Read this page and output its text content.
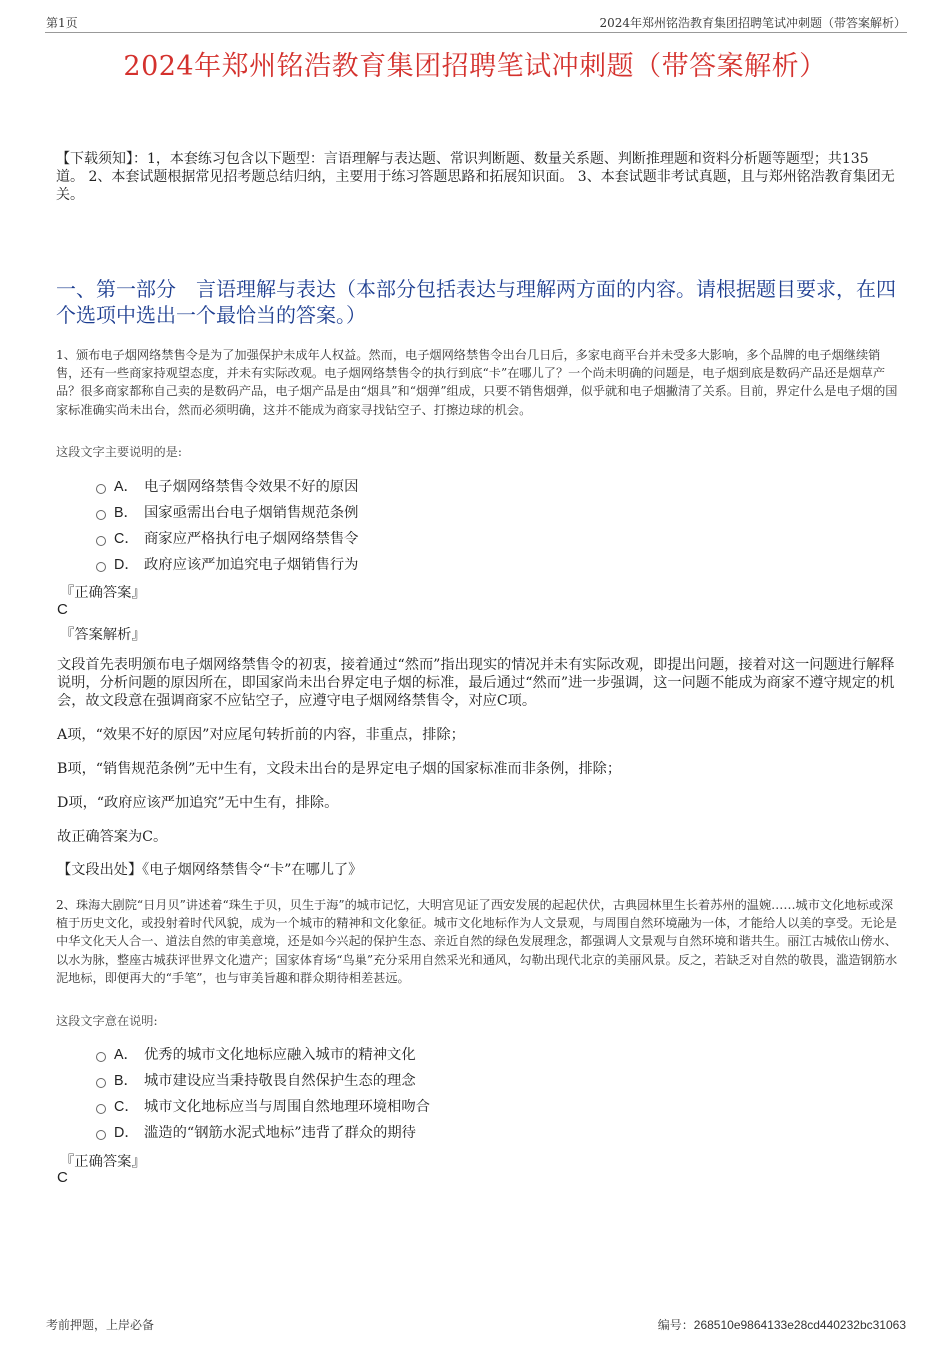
第1页	2024年郑州铭浩教育集团招聘笔试冲刺题（带答案解析）
2024年郑州铭浩教育集团招聘笔试冲刺题（带答案解析）
【下载须知】：1，本套练习包含以下题型：言语理解与表达题、常识判断题、数量关系题、判断推理题和资料分析题等题型；共135道。 2、本套试题根据常见招考题总结归纳，主要用于练习答题思路和拓展知识面。 3、本套试题非考试真题，且与郑州铭浩教育集团无关。
一、第一部分　言语理解与表达（本部分包括表达与理解两方面的内容。请根据题目要求，在四个选项中选出一个最恰当的答案。）
1、颁布电子烟网络禁售令是为了加强保护未成年人权益。然而，电子烟网络禁售令出台几日后，多家电商平台并未受多大影响，多个品牌的电子烟继续销售，还有一些商家持观望态度，并未有实际改观。电子烟网络禁售令的执行到底“卡”在哪儿了？一个尚未明确的问题是，电子烟到底是数码产品还是烟草产品？很多商家都称自己卖的是数码产品，电子烟产品是由“烟具”和“烟弹”组成，只要不销售烟弹，似乎就和电子烟撇清了关系。目前，界定什么是电子烟的国家标准确实尚未出台，然而必须明确，这并不能成为商家寻找钻空子、打擦边球的机会。
这段文字主要说明的是:
A． 电子烟网络禁售令效果不好的原因
B． 国家亟需出台电子烟销售规范条例
C． 商家应严格执行电子烟网络禁售令
D． 政府应该严加追究电子烟销售行为
『正确答案』
C
『答案解析』
文段首先表明颁布电子烟网络禁售令的初衷，接着通过“然而”指出现实的情况并未有实际改观，即提出问题，接着对这一问题进行解释说明，分析问题的原因所在，即国家尚未出台界定电子烟的标准，最后通过“然而”进一步强调，这一问题不能成为商家不遵守规定的机会，故文段意在强调商家不应钻空子，应遵守电子烟网络禁售令，对应C项。
A项，“效果不好的原因”对应尾句转折前的内容，非重点，排除；
B项，“销售规范条例”无中生有，文段未出台的是界定电子烟的国家标准而非条例，排除；
D项，“政府应该严加追究”无中生有，排除。
故正确答案为C。
【文段出处】《电子烟网络禁售令“卡”在哪儿了》
2、珠海大剧院“日月贝”讲述着“珠生于贝，贝生于海”的城市记忆，大明宫见证了西安发展的起起伏伏，古典园林里生长着苏州的温婉……城市文化地标或深植于历史文化，或投射着时代风貌，成为一个城市的精神和文化象征。城市文化地标作为人文景观，与周围自然环境融为一体，才能给人以美的享受。无论是中华文化天人合一、道法自然的审美意境，还是如今兴起的保护生态、亲近自然的绿色发展理念，都强调人文景观与自然环境和谐共生。丽江古城依山傍水、以水为脉，整座古城获评世界文化遗产；国家体育场“鸟巢”充分采用自然采光和通风，勾勒出现代北京的美丽风景。反之，若缺乏对自然的敬畏，滥造钢筋水泥地标，即便再大的“手笔”，也与审美旨趣和群众期待相差甚远。
这段文字意在说明:
A． 优秀的城市文化地标应融入城市的精神文化
B． 城市建设应当秉持敬畏自然保护生态的理念
C． 城市文化地标应当与周围自然地理环境相吻合
D． 滥造的“钢筋水泥式地标”违背了群众的期待
『正确答案』
C
考前押题，上岸必备	编号：268510e9864133e28cd440232bc31063
